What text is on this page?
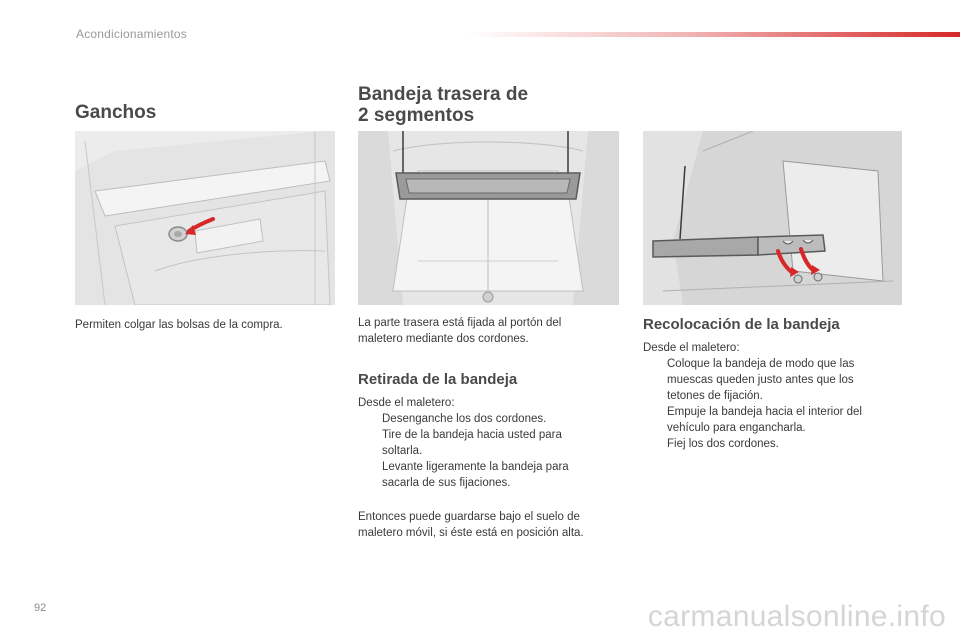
Acondicionamientos
Ganchos
Permiten colgar las bolsas de la compra.
Bandeja trasera de
2 segmentos

La parte trasera está fijada al portón del

maletero mediante dos cordones.

Retirada de la bandeja

Desde el maletero:

Desenganche los dos cordones.
Tire de la bandeja hacia usted para
soltarla.
Levante ligeramente la bandeja para
sacarla de sus fijaciones.

Entonces puede guardarse bajo el suelo de

maletero móvil, si éste está en posición alta.

Recolocación de la bandeja

Desde el maletero:

Coloque la bandeja de modo que las
muescas queden justo antes que los
tetones de fijación.
Empuje la bandeja hacia el interior del
vehículo para engancharla.
Fiej los dos cordones.
92	carmanualsonline.info
